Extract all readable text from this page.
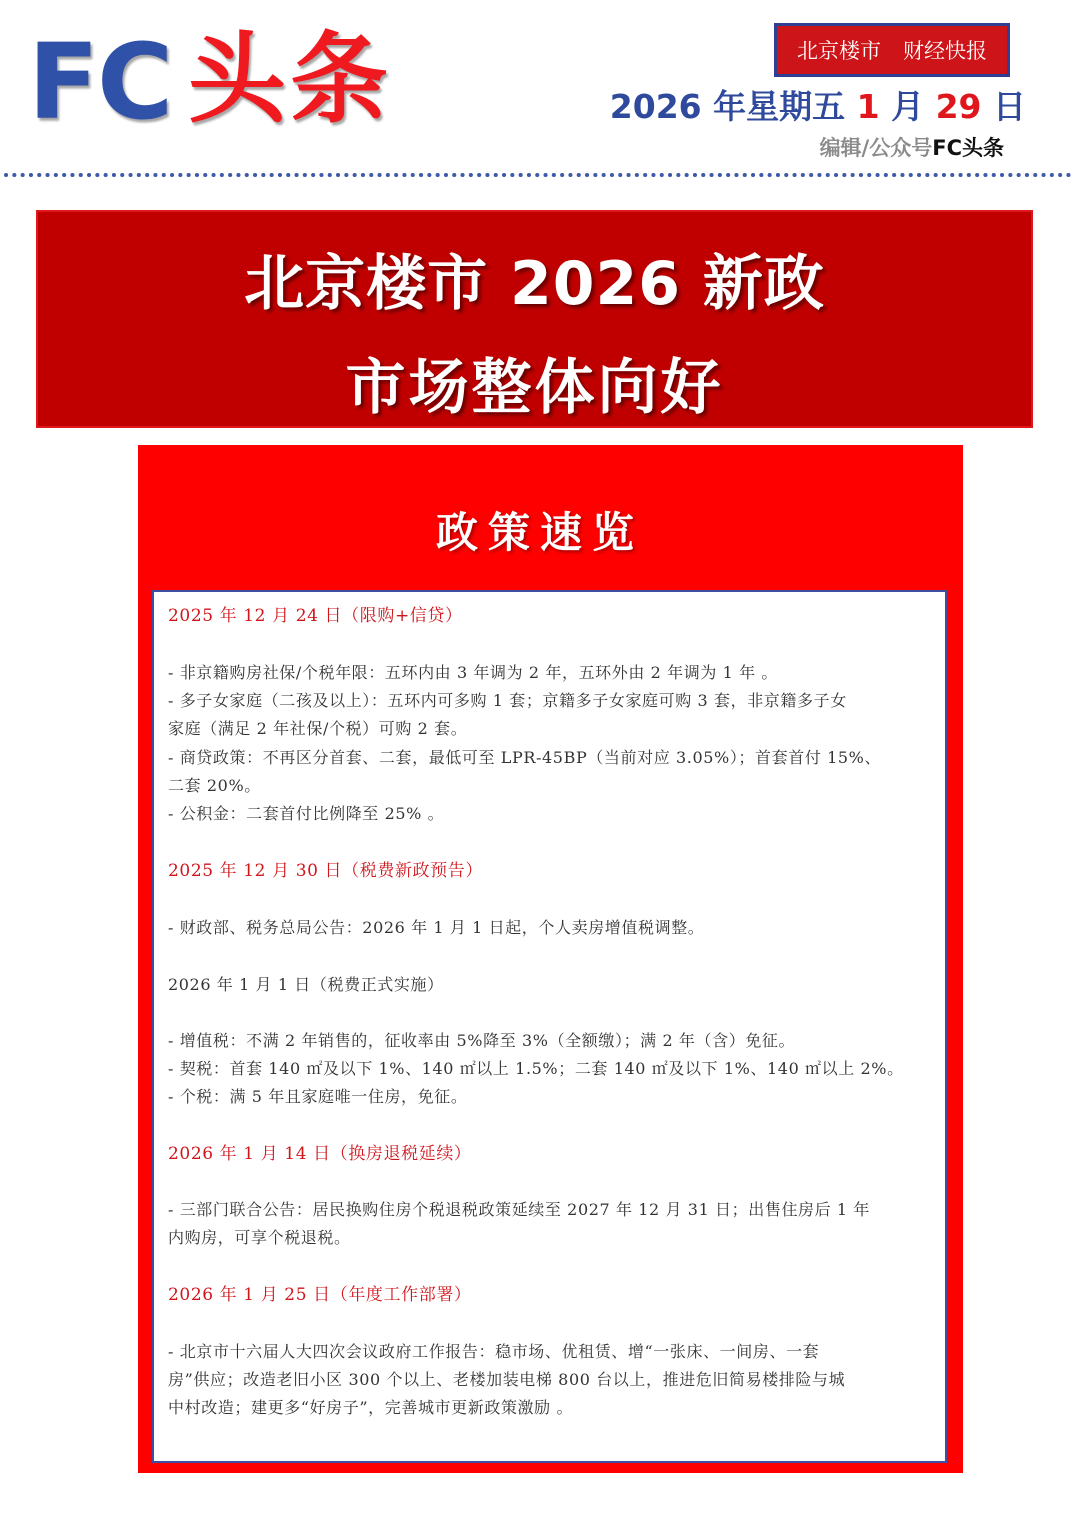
FC 头条	北京楼市 财经快报
2026 年星期五 1 月 29 日
编辑/公众号FC头条
北京楼市 2026 新政
市场整体向好
政策速览
2025 年 12 月 24 日（限购+信贷）
- 非京籍购房社保/个税年限：五环内由 3 年调为 2 年，五环外由 2 年调为 1 年 。
- 多子女家庭（二孩及以上）：五环内可多购 1 套；京籍多子女家庭可购 3 套，非京籍多子女
家庭（满足 2 年社保/个税）可购 2 套。
- 商贷政策：不再区分首套、二套，最低可至 LPR-45BP（当前对应 3.05%）；首套首付 15%、
二套 20%。
- 公积金：二套首付比例降至 25% 。
2025 年 12 月 30 日（税费新政预告）
- 财政部、税务总局公告：2026 年 1 月 1 日起，个人卖房增值税调整。
2026 年 1 月 1 日（税费正式实施）
- 增值税：不满 2 年销售的，征收率由 5%降至 3%（全额缴）；满 2 年（含）免征。
- 契税：首套 140 ㎡及以下 1%、140 ㎡以上 1.5%；二套 140 ㎡及以下 1%、140 ㎡以上 2%。
- 个税：满 5 年且家庭唯一住房，免征。
2026 年 1 月 14 日（换房退税延续）
- 三部门联合公告：居民换购住房个税退税政策延续至 2027 年 12 月 31 日；出售住房后 1 年
内购房，可享个税退税。
2026 年 1 月 25 日（年度工作部署）
- 北京市十六届人大四次会议政府工作报告：稳市场、优租赁、增“一张床、一间房、一套
房”供应；改造老旧小区 300 个以上、老楼加装电梯 800 台以上，推进危旧简易楼排险与城
中村改造；建更多“好房子”，完善城市更新政策激励 。
